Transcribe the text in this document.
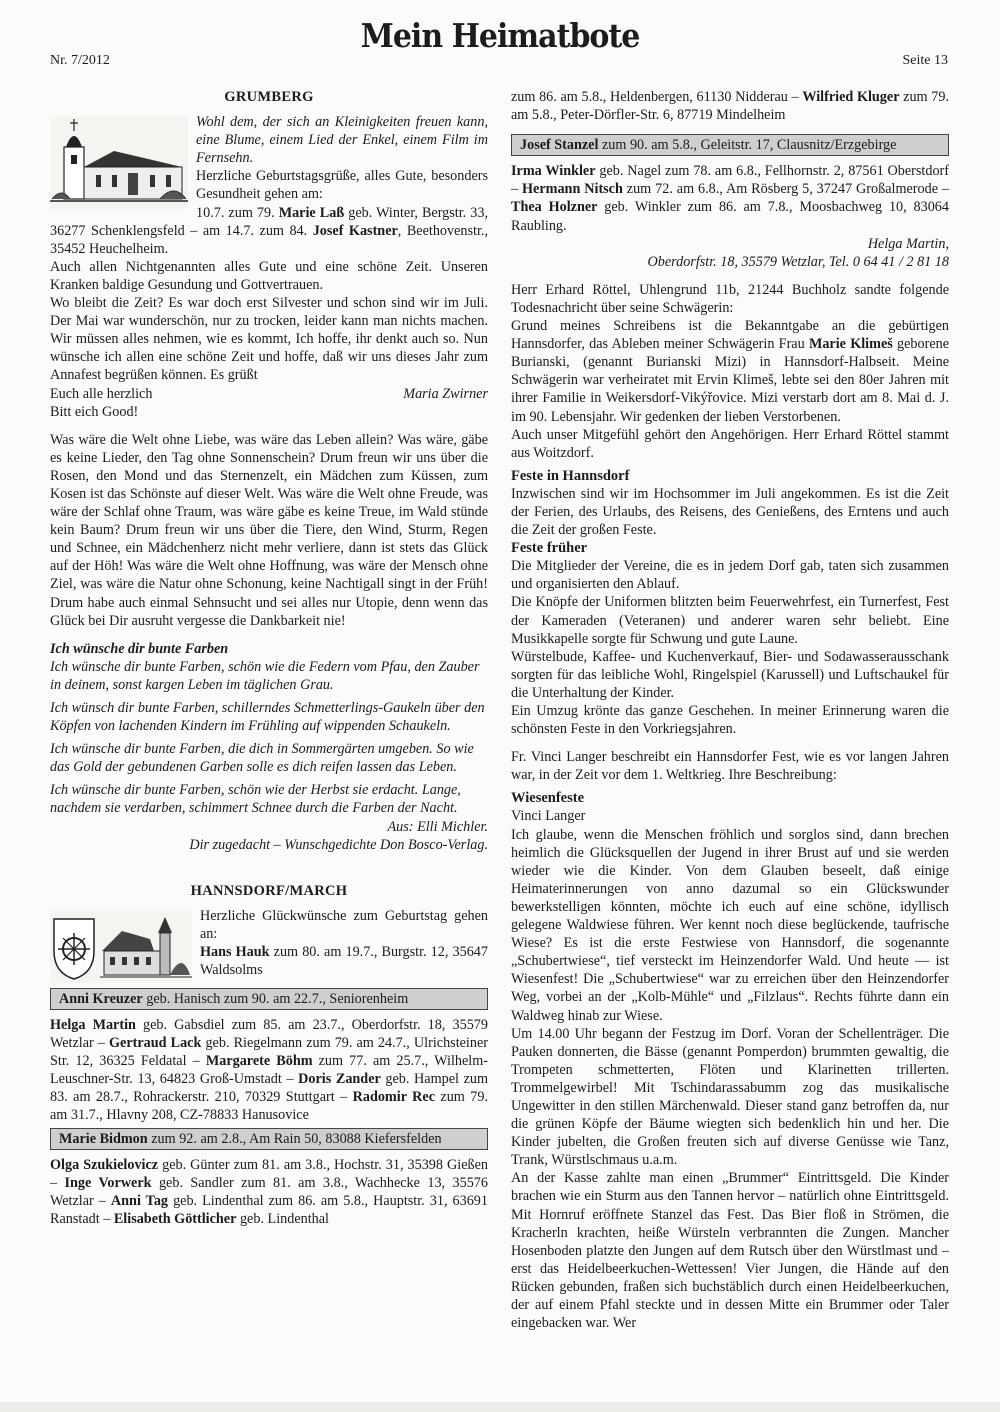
Nr. 7/2012
Mein Heimatbote
Seite 13
GRUMBERG

Wohl dem, der sich an Kleinigkeiten freuen kann, eine Blume, einem Lied der Enkel, einem Film im Fernsehn.

Herzliche Geburtstagsgrüße, alles Gute, besonders Gesundheit gehen am:

10.7. zum 79. Marie Laß geb. Winter, Bergstr. 33, 36277 Schenklengsfeld – am 14.7. zum 84. Josef Kastner, Beethovenstr., 35452 Heuchelheim.

Auch allen Nichtgenannten alles Gute und eine schöne Zeit. Unseren Kranken baldige Gesundung und Gottvertrauen.

Wo bleibt die Zeit? Es war doch erst Silvester und schon sind wir im Juli. Der Mai war wunderschön, nur zu trocken, leider kann man nichts machen. Wir müssen alles nehmen, wie es kommt, Ich hoffe, ihr denkt auch so. Nun wünsche ich allen eine schöne Zeit und hoffe, daß wir uns dieses Jahr zum Annafest begrüßen können. Es grüßt

Euch alle herzlich	Maria Zwirner

Bitt eich Good!

Was wäre die Welt ohne Liebe, was wäre das Leben allein? Was wäre, gäbe es keine Lieder, den Tag ohne Sonnenschein? Drum freun wir uns über die Rosen, den Mond und das Sternenzelt, ein Mädchen zum Küssen, zum Kosen ist das Schönste auf dieser Welt. Was wäre die Welt ohne Freude, was wäre der Schlaf ohne Traum, was wäre gäbe es keine Treue, im Wald stünde kein Baum? Drum freun wir uns über die Tiere, den Wind, Sturm, Regen und Schnee, ein Mädchenherz nicht mehr verliere, dann ist stets das Glück auf der Höh! Was wäre die Welt ohne Hoffnung, was wäre der Mensch ohne Ziel, was wäre die Natur ohne Schonung, keine Nachtigall singt in der Früh! Drum habe auch einmal Sehnsucht und sei alles nur Utopie, denn wenn das Glück bei Dir ausruht vergesse die Dankbarkeit nie!

Ich wünsche dir bunte Farben

Ich wünsche dir bunte Farben, schön wie die Federn vom Pfau, den Zauber in deinem, sonst kargen Leben im täglichen Grau.

Ich wünsch dir bunte Farben, schillerndes Schmetterlings-Gaukeln über den Köpfen von lachenden Kindern im Frühling auf wippenden Schaukeln.

Ich wünsche dir bunte Farben, die dich in Sommergärten umgeben. So wie das Gold der gebundenen Garben solle es dich reifen lassen das Leben.

Ich wünsche dir bunte Farben, schön wie der Herbst sie erdacht. Lange, nachdem sie verdarben, schimmert Schnee durch die Farben der Nacht.

Aus: Elli Michler.

Dir zugedacht – Wunschgedichte Don Bosco-Verlag.

HANNSDORF/MARCH

Herzliche Glückwünsche zum Geburtstag gehen an:

Hans Hauk zum 80. am 19.7., Burgstr. 12, 35647 Waldsolms

Anni Kreuzer geb. Hanisch zum 90. am 22.7., Seniorenheim

Helga Martin geb. Gabsdiel zum 85. am 23.7., Oberdorfstr. 18, 35579 Wetzlar – Gertraud Lack geb. Riegelmann zum 79. am 24.7., Ulrichsteiner Str. 12, 36325 Feldatal – Margarete Böhm zum 77. am 25.7., Wilhelm-Leuschner-Str. 13, 64823 Groß-Umstadt – Doris Zander geb. Hampel zum 83. am 28.7., Rohrackerstr. 210, 70329 Stuttgart – Radomir Rec zum 79. am 31.7., Hlavny 208, CZ-78833 Hanusovice

Marie Bidmon zum 92. am 2.8., Am Rain 50, 83088 Kiefersfelden

Olga Szukielovicz geb. Günter zum 81. am 3.8., Hochstr. 31, 35398 Gießen – Inge Vorwerk geb. Sandler zum 81. am 3.8., Wachhecke 13, 35576 Wetzlar – Anni Tag geb. Lindenthal zum 86. am 5.8., Hauptstr. 31, 63691 Ranstadt – Elisabeth Göttlicher geb. Lindenthal

zum 86. am 5.8., Heldenbergen, 61130 Nidderau – Wilfried Kluger zum 79. am 5.8., Peter-Dörfler-Str. 6, 87719 Mindelheim

Josef Stanzel zum 90. am 5.8., Geleitstr. 17, Clausnitz/Erzgebirge

Irma Winkler geb. Nagel zum 78. am 6.8., Fellhornstr. 2, 87561 Oberstdorf – Hermann Nitsch zum 72. am 6.8., Am Rösberg 5, 37247 Großalmerode – Thea Holzner geb. Winkler zum 86. am 7.8., Moosbachweg 10, 83064 Raubling.

Helga Martin,

Oberdorfstr. 18, 35579 Wetzlar, Tel. 0 64 41 / 2 81 18

Herr Erhard Röttel, Uhlengrund 11b, 21244 Buchholz sandte folgende Todesnachricht über seine Schwägerin:

Grund meines Schreibens ist die Bekanntgabe an die gebürtigen Hannsdorfer, das Ableben meiner Schwägerin Frau Marie Klimeš geborene Burianski, (genannt Burianski Mizi) in Hannsdorf-Halbseit. Meine Schwägerin war verheiratet mit Ervin Klimeš, lebte sei den 80er Jahren mit ihrer Familie in Weikersdorf-Vikýřovice. Mizi verstarb dort am 8. Mai d. J. im 90. Lebensjahr. Wir gedenken der lieben Verstorbenen.

Auch unser Mitgefühl gehört den Angehörigen. Herr Erhard Röttel stammt aus Woitzdorf.

Feste in Hannsdorf

Inzwischen sind wir im Hochsommer im Juli angekommen. Es ist die Zeit der Ferien, des Urlaubs, des Reisens, des Genießens, des Erntens und auch die Zeit der großen Feste.

Feste früher

Die Mitglieder der Vereine, die es in jedem Dorf gab, taten sich zusammen und organisierten den Ablauf.

Die Knöpfe der Uniformen blitzten beim Feuerwehrfest, ein Turnerfest, Fest der Kameraden (Veteranen) und anderer waren sehr beliebt. Eine Musikkapelle sorgte für Schwung und gute Laune.

Würstelbude, Kaffee- und Kuchenverkauf, Bier- und Sodawasserausschank sorgten für das leibliche Wohl, Ringelspiel (Karussell) und Luftschaukel für die Unterhaltung der Kinder.

Ein Umzug krönte das ganze Geschehen. In meiner Erinnerung waren die schönsten Feste in den Vorkriegsjahren.

Fr. Vinci Langer beschreibt ein Hannsdorfer Fest, wie es vor langen Jahren war, in der Zeit vor dem 1. Weltkrieg. Ihre Beschreibung:

Wiesenfeste

Vinci Langer

Ich glaube, wenn die Menschen fröhlich und sorglos sind, dann brechen heimlich die Glücksquellen der Jugend in ihrer Brust auf und sie werden wieder wie die Kinder. Von dem Glauben beseelt, daß einige Heimaterinnerungen von anno dazumal so ein Glückswunder bewerkstelligen könnten, möchte ich euch auf eine schöne, idyllisch gelegene Waldwiese führen. Wer kennt noch diese beglückende, taufrische Wiese? Es ist die erste Festwiese von Hannsdorf, die sogenannte „Schubertwiese“, tief versteckt im Heinzendorfer Wald. Und heute — ist Wiesenfest! Die „Schubertwiese“ war zu erreichen über den Heinzendorfer Weg, vorbei an der „Kolb-Mühle“ und „Filzlaus“. Rechts führte dann ein Waldweg hinab zur Wiese.

Um 14.00 Uhr begann der Festzug im Dorf. Voran der Schellenträger. Die Pauken donnerten, die Bässe (genannt Pomperdon) brummten gewaltig, die Trompeten schmetterten, Flöten und Klarinetten trillerten. Trommelgewirbel! Mit Tschindarassabumm zog das musikalische Ungewitter in den stillen Märchenwald. Dieser stand ganz betroffen da, nur die grünen Köpfe der Bäume wiegten sich bedenklich hin und her. Die Kinder jubelten, die Großen freuten sich auf diverse Genüsse wie Tanz, Trank, Würstlschmaus u.a.m.

An der Kasse zahlte man einen „Brummer“ Eintrittsgeld. Die Kinder brachen wie ein Sturm aus den Tannen hervor – natürlich ohne Eintrittsgeld. Mit Hornruf eröffnete Stanzel das Fest. Das Bier floß in Strömen, die Kracherln krachten, heiße Würsteln verbrannten die Zungen. Mancher Hosenboden platzte den Jungen auf dem Rutsch über den Würstlmast und – erst das Heidelbeerkuchen-Wettessen! Vier Jungen, die Hände auf den Rücken gebunden, fraßen sich buchstäblich durch einen Heidelbeerkuchen, der auf einem Pfahl steckte und in dessen Mitte ein Brummer oder Taler eingebacken war. Wer
